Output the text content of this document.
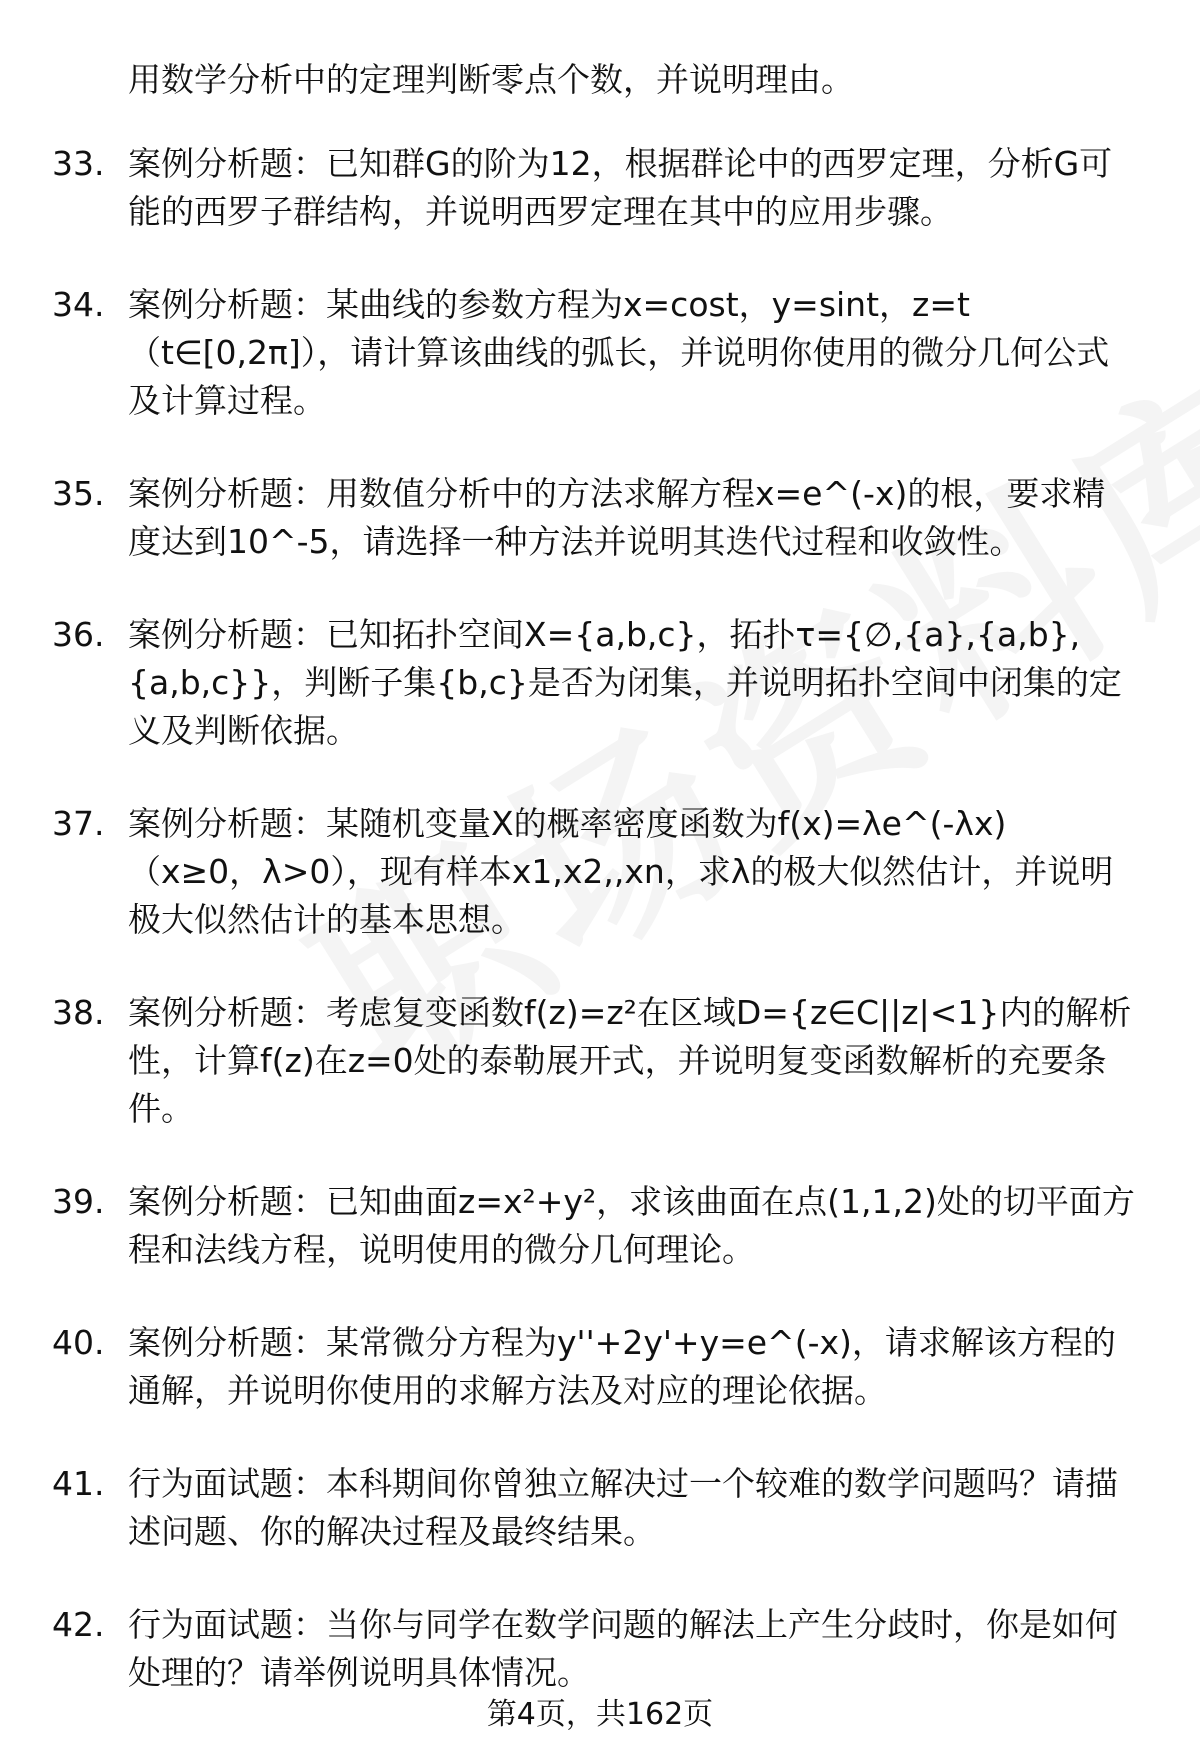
用数学分析中的定理判断零点个数，并说明理由。
33. 案例分析题：已知群G的阶为12，根据群论中的西罗定理，分析G可能的西罗子群结构，并说明西罗定理在其中的应用步骤。
34. 案例分析题：某曲线的参数方程为x=cost，y=sint，z=t（t∈[0,2π]），请计算该曲线的弧长，并说明你使用的微分几何公式及计算过程。
35. 案例分析题：用数值分析中的方法求解方程x=e^(-x)的根，要求精度达到10^-5，请选择一种方法并说明其迭代过程和收敛性。
36. 案例分析题：已知拓扑空间X={a,b,c}，拓扑τ={∅,{a},{a,b},{a,b,c}}，判断子集{b,c}是否为闭集，并说明拓扑空间中闭集的定义及判断依据。
37. 案例分析题：某随机变量X的概率密度函数为f(x)=λe^(-λx)（x≥0，λ>0），现有样本x1,x2,,xn，求λ的极大似然估计，并说明极大似然估计的基本思想。
38. 案例分析题：考虑复变函数f(z)=z²在区域D={z∈C||z|<1}内的解析性，计算f(z)在z=0处的泰勒展开式，并说明复变函数解析的充要条件。
39. 案例分析题：已知曲面z=x²+y²，求该曲面在点(1,1,2)处的切平面方程和法线方程，说明使用的微分几何理论。
40. 案例分析题：某常微分方程为y''+2y'+y=e^(-x)，请求解该方程的通解，并说明你使用的求解方法及对应的理论依据。
41. 行为面试题：本科期间你曾独立解决过一个较难的数学问题吗？请描述问题、你的解决过程及最终结果。
42. 行为面试题：当你与同学在数学问题的解法上产生分歧时，你是如何处理的？请举例说明具体情况。
第4页，共162页
